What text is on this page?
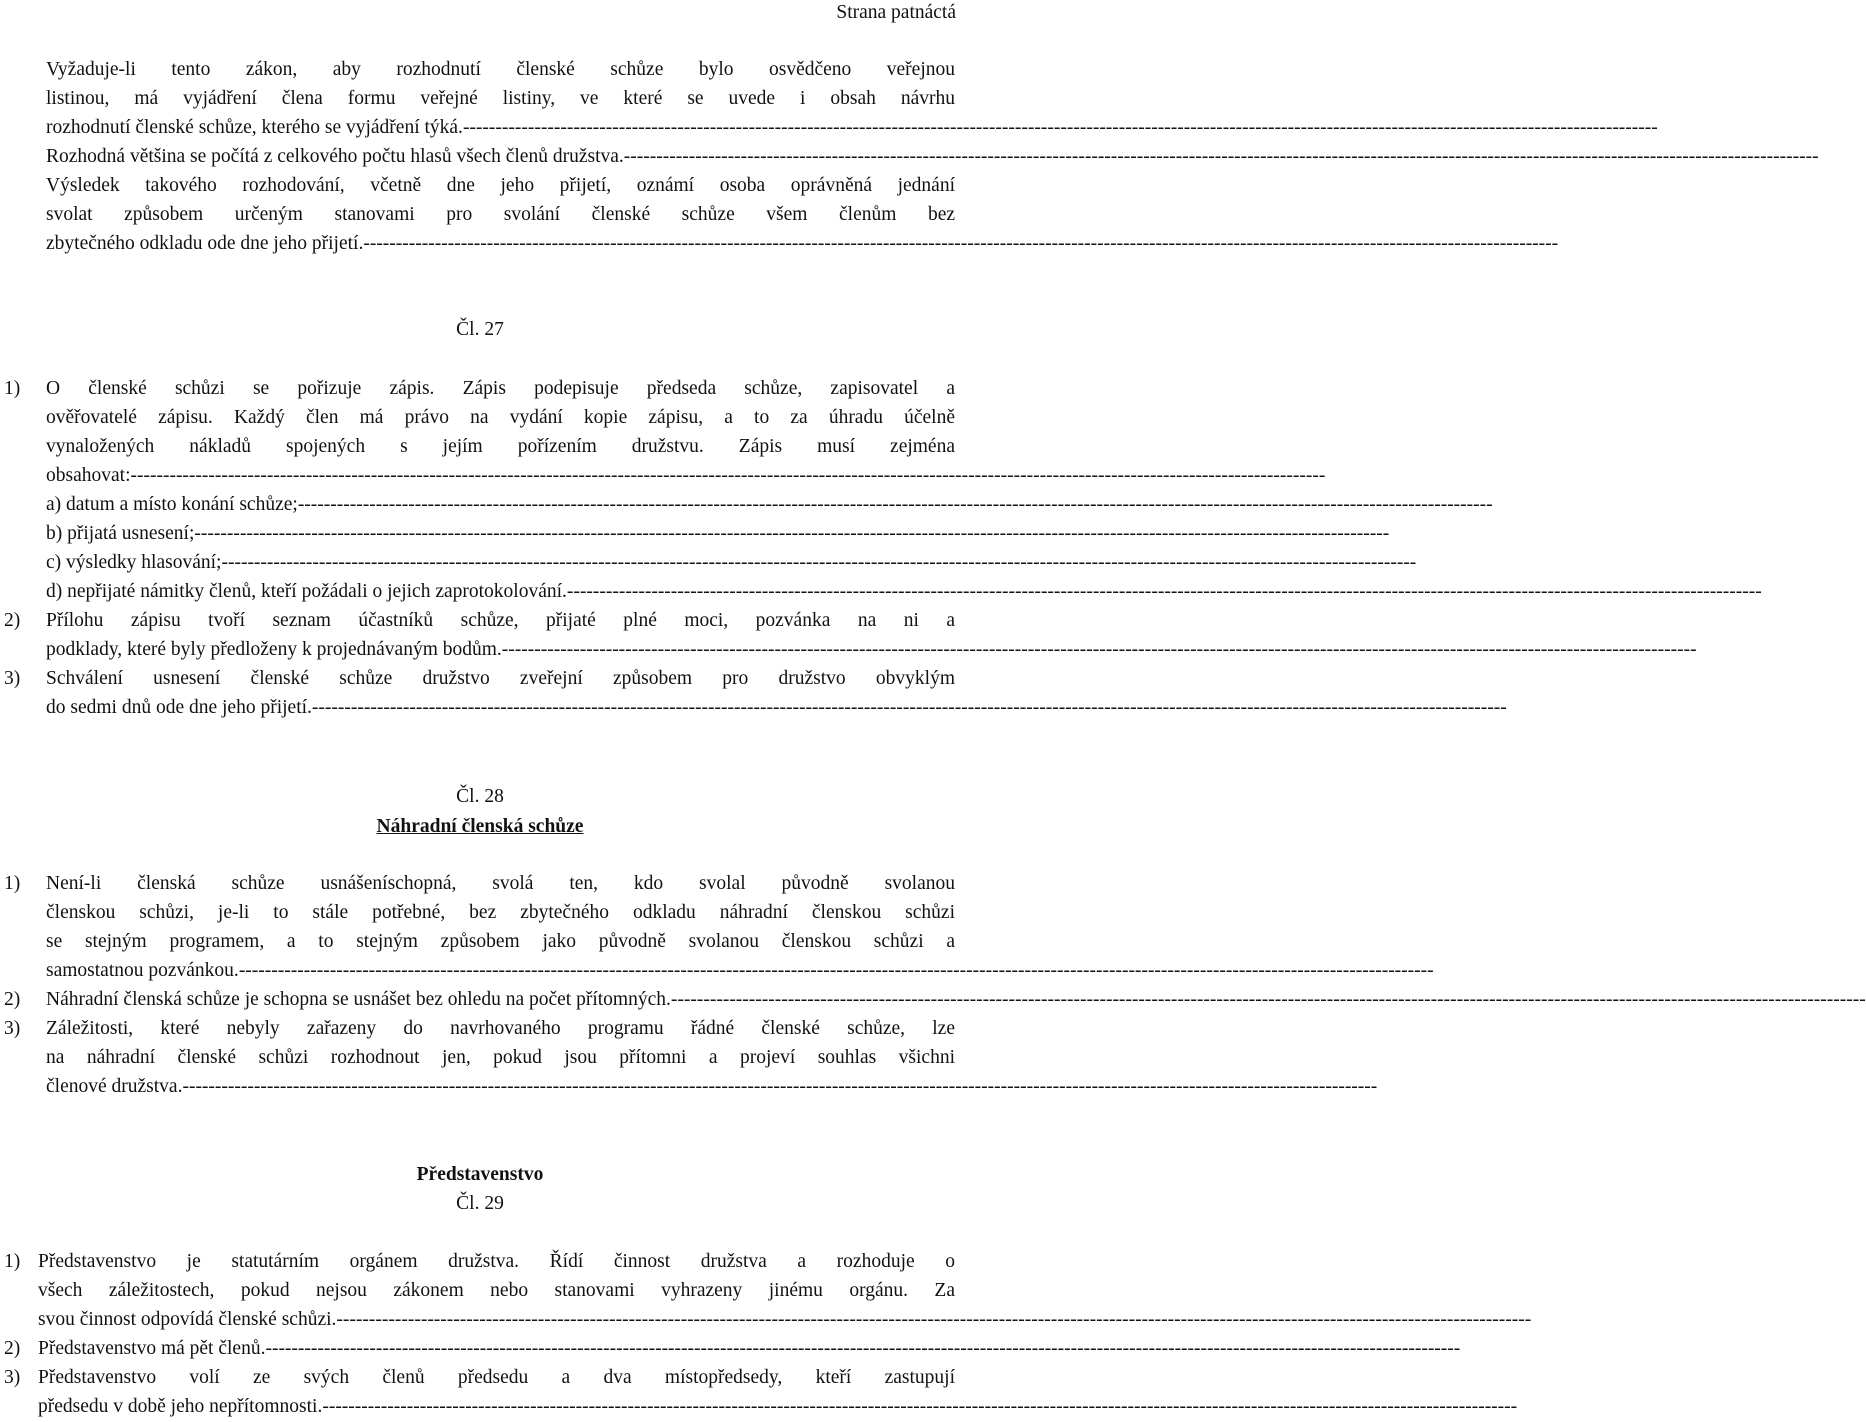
Strana patnáctá
Vyžaduje-li tento zákon, aby rozhodnutí členské schůze bylo osvědčeno veřejnou
listinou, má vyjádření člena formu veřejné listiny, ve které se uvede i obsah návrhu
rozhodnutí členské schůze, kterého se vyjádření týká. ----------------------------------------------------------------------------------------------------------------------------------------------------------------------------------------
Rozhodná většina se počítá z celkového počtu hlasů všech členů družstva. ----------------------------------------------------------------------------------------------------------------------------------------------------------------------------------------
Výsledek takového rozhodování, včetně dne jeho přijetí, oznámí osoba oprávněná jednání
svolat způsobem určeným stanovami pro svolání členské schůze všem členům bez
zbytečného odkladu ode dne jeho přijetí. ----------------------------------------------------------------------------------------------------------------------------------------------------------------------------------------
Čl. 27
1) O členské schůzi se pořizuje zápis. Zápis podepisuje předseda schůze, zapisovatel a
ověřovatelé zápisu. Každý člen má právo na vydání kopie zápisu, a to za úhradu účelně
vynaložených nákladů spojených s jejím pořízením družstvu. Zápis musí zejména
obsahovat: ----------------------------------------------------------------------------------------------------------------------------------------------------------------------------------------
a) datum a místo konání schůze; ----------------------------------------------------------------------------------------------------------------------------------------------------------------------------------------
b) přijatá usnesení; ----------------------------------------------------------------------------------------------------------------------------------------------------------------------------------------
c) výsledky hlasování; ----------------------------------------------------------------------------------------------------------------------------------------------------------------------------------------
d) nepřijaté námitky členů, kteří požádali o jejich zaprotokolování. ----------------------------------------------------------------------------------------------------------------------------------------------------------------------------------------
2) Přílohu zápisu tvoří seznam účastníků schůze, přijaté plné moci, pozvánka na ni a
podklady, které byly předloženy k projednávaným bodům. ----------------------------------------------------------------------------------------------------------------------------------------------------------------------------------------
3) Schválení usnesení členské schůze družstvo zveřejní způsobem pro družstvo obvyklým
do sedmi dnů ode dne jeho přijetí. ----------------------------------------------------------------------------------------------------------------------------------------------------------------------------------------
Čl. 28
Náhradní členská schůze
1) Není-li členská schůze usnášeníschopná, svolá ten, kdo svolal původně svolanou
členskou schůzi, je-li to stále potřebné, bez zbytečného odkladu náhradní členskou schůzi
se stejným programem, a to stejným způsobem jako původně svolanou členskou schůzi a
samostatnou pozvánkou. ----------------------------------------------------------------------------------------------------------------------------------------------------------------------------------------
2) Náhradní členská schůze je schopna se usnášet bez ohledu na počet přítomných. ----------------------------------------------------------------------------------------------------------------------------------------------------------------------------------------
3) Záležitosti, které nebyly zařazeny do navrhovaného programu řádné členské schůze, lze
na náhradní členské schůzi rozhodnout jen, pokud jsou přítomni a projeví souhlas všichni
členové družstva. ----------------------------------------------------------------------------------------------------------------------------------------------------------------------------------------
Představenstvo
Čl. 29
1) Představenstvo je statutárním orgánem družstva. Řídí činnost družstva a rozhoduje o
všech záležitostech, pokud nejsou zákonem nebo stanovami vyhrazeny jinému orgánu. Za
svou činnost odpovídá členské schůzi. ----------------------------------------------------------------------------------------------------------------------------------------------------------------------------------------
2) Představenstvo má pět členů. ----------------------------------------------------------------------------------------------------------------------------------------------------------------------------------------
3) Představenstvo volí ze svých členů předsedu a dva místopředsedy, kteří zastupují
předsedu v době jeho nepřítomnosti. ----------------------------------------------------------------------------------------------------------------------------------------------------------------------------------------
